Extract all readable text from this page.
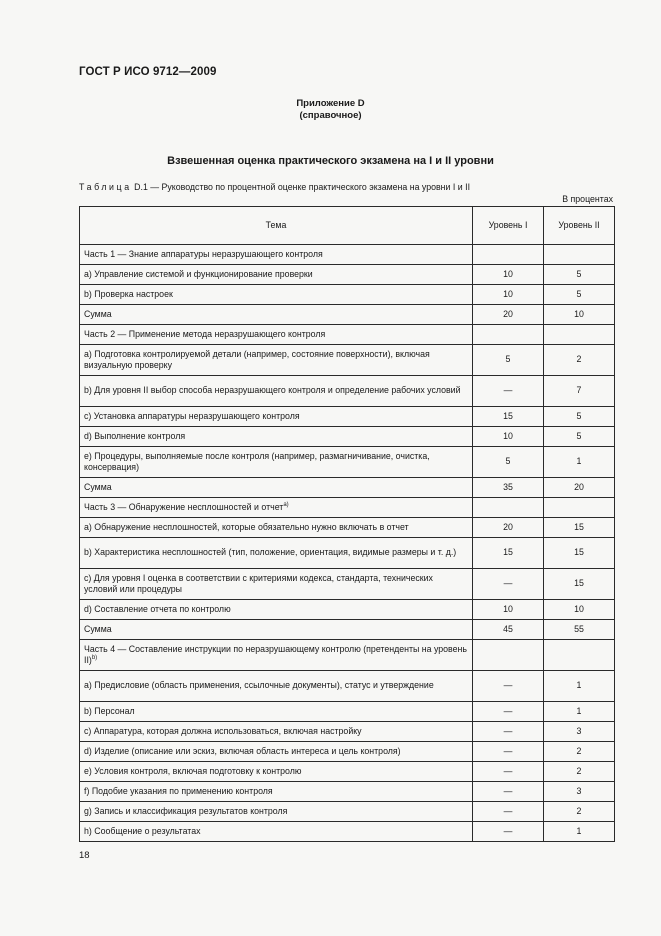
ГОСТ Р ИСО 9712—2009
Приложение D
(справочное)
Взвешенная оценка практического экзамена на I и II уровни
Таблица D.1 — Руководство по процентной оценке практического экзамена на уровни I и II
В процентах
Тема	Уровень I	Уровень II
Часть 1 — Знание аппаратуры неразрушающего контроля		
а) Управление системой и функционирование проверки	10	5
b) Проверка настроек	10	5
Сумма	20	10
Часть 2 — Применение метода неразрушающего контроля		
а) Подготовка контролируемой детали (например, состояние поверхности), включая визуальную проверку	5	2
b) Для уровня II выбор способа неразрушающего контроля и определение рабочих условий	—	7
c) Установка аппаратуры неразрушающего контроля	15	5
d) Выполнение контроля	10	5
e) Процедуры, выполняемые после контроля (например, размагничивание, очистка, консервация)	5	1
Сумма	35	20
Часть 3 — Обнаружение несплошностей и отчет$^{a)}$		
а) Обнаружение несплошностей, которые обязательно нужно включать в отчет	20	15
b) Характеристика несплошностей (тип, положение, ориентация, видимые размеры и т. д.)	15	15
c) Для уровня I оценка в соответствии с критериями кодекса, стандарта, технических условий или процедуры	—	15
d) Составление отчета по контролю	10	10
Сумма	45	55
Часть 4 — Составление инструкции по неразрушающему контролю (претенденты на уровень II)$^{b)}$		
а) Предисловие (область применения, ссылочные документы), статус и утверждение	—	1
b) Персонал	—	1
c) Аппаратура, которая должна использоваться, включая настройку	—	3
d) Изделие (описание или эскиз, включая область интереса и цель контроля)	—	2
e) Условия контроля, включая подготовку к контролю	—	2
f) Подобие указания по применению контроля	—	3
g) Запись и классификация результатов контроля	—	2
h) Сообщение о результатах	—	1
18
